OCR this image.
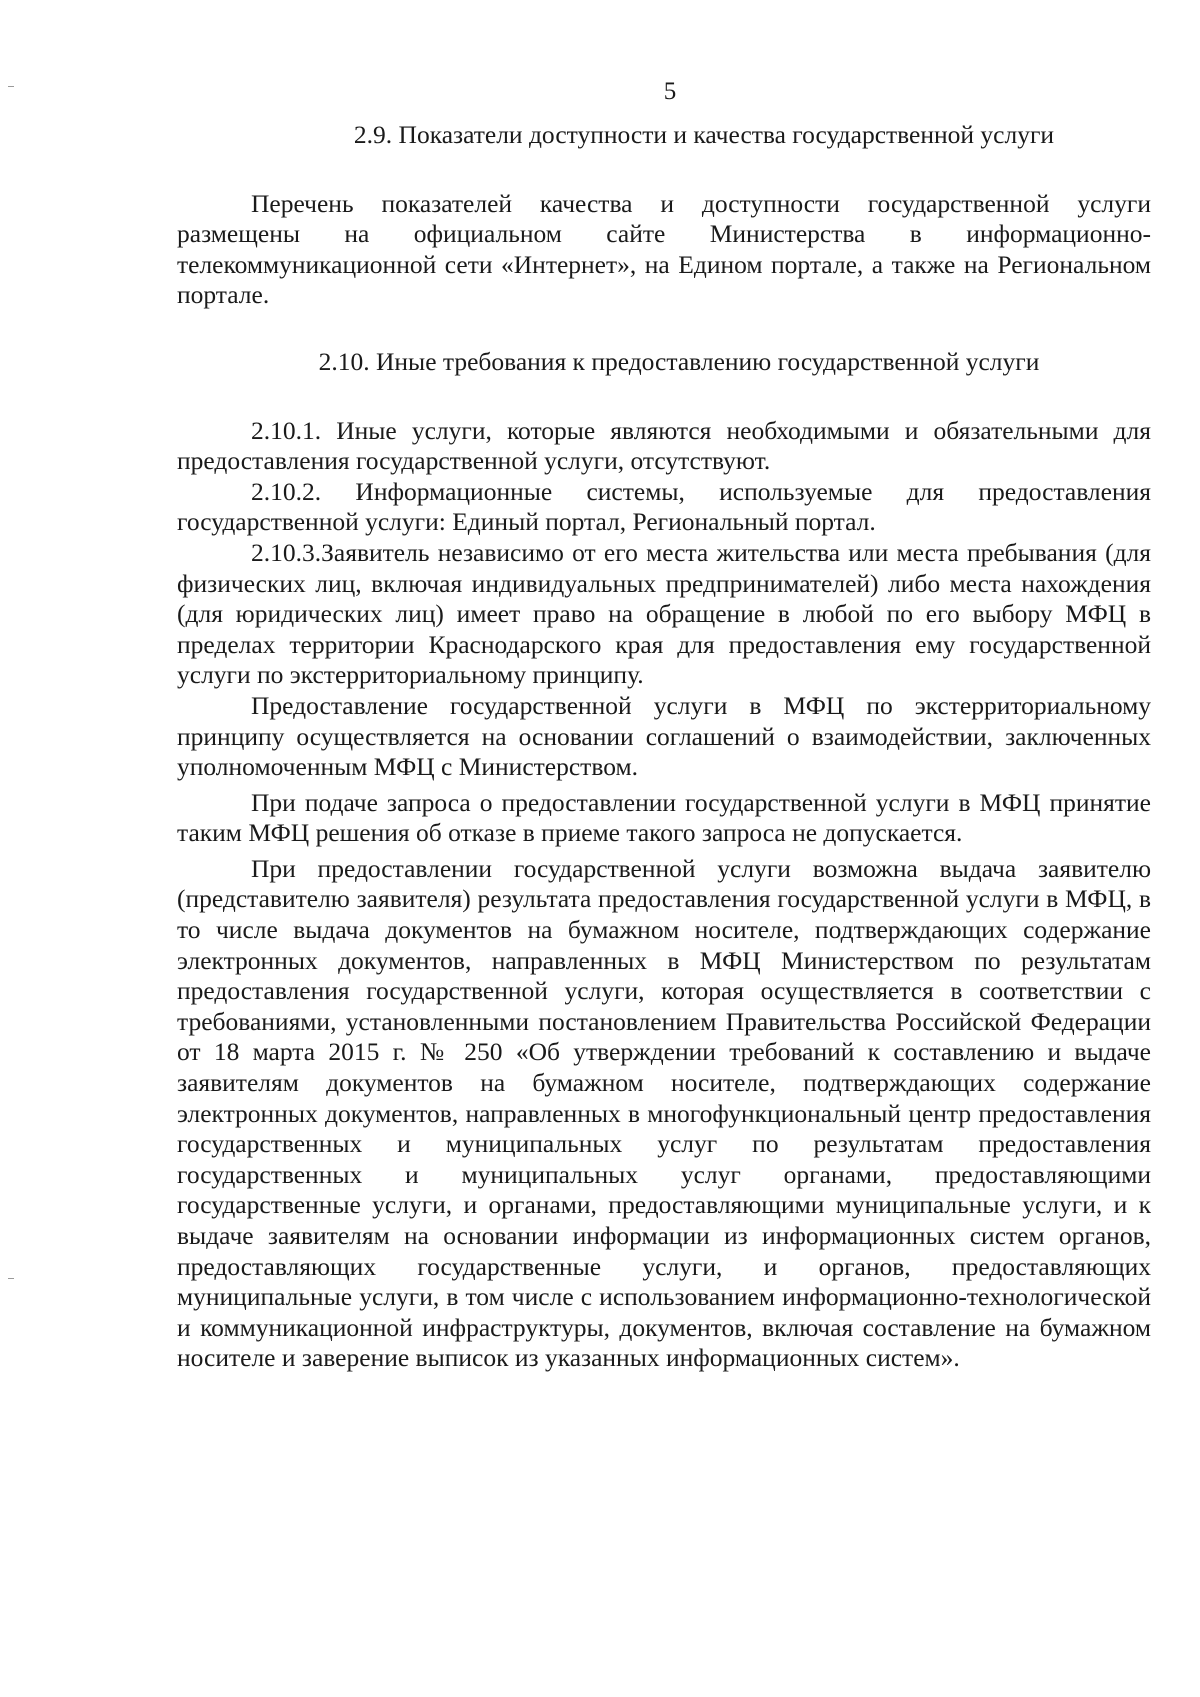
5

2.9. Показатели доступности и качества государственной услуги

Перечень показателей качества и доступности государственной услуги размещены на официальном сайте Министерства в информационно-телекоммуникационной сети «Интернет», на Едином портале, а также на Региональном портале.

2.10. Иные требования к предоставлению государственной услуги

2.10.1. Иные услуги, которые являются необходимыми и обязательными для предоставления государственной услуги, отсутствуют.

2.10.2. Информационные системы, используемые для предоставления государственной услуги: Единый портал, Региональный портал.

2.10.3.Заявитель независимо от его места жительства или места пребывания (для физических лиц, включая индивидуальных предпринимателей) либо места нахождения (для юридических лиц) имеет право на обращение в любой по его выбору МФЦ в пределах территории Краснодарского края для предоставления ему государственной услуги по экстерриториальному принципу.

Предоставление государственной услуги в МФЦ по экстерриториальному принципу осуществляется на основании соглашений о взаимодействии, заключенных уполномоченным МФЦ с Министерством.

При подаче запроса о предоставлении государственной услуги в МФЦ принятие таким МФЦ решения об отказе в приеме такого запроса не допускается.

При предоставлении государственной услуги возможна выдача заявителю (представителю заявителя) результата предоставления государственной услуги в МФЦ, в то числе выдача документов на бумажном носителе, подтверждающих содержание электронных документов, направленных в МФЦ Министерством по результатам предоставления государственной услуги, которая осуществляется в соответствии с требованиями, установленными постановлением Правительства Российской Федерации от 18 марта 2015 г. № 250 «Об утверждении требований к составлению и выдаче заявителям документов на бумажном носителе, подтверждающих содержание электронных документов, направленных в многофункциональный центр предоставления государственных и муниципальных услуг по результатам предоставления государственных и муниципальных услуг органами, предоставляющими государственные услуги, и органами, предоставляющими муниципальные услуги, и к выдаче заявителям на основании информации из информационных систем органов, предоставляющих государственные услуги, и органов, предоставляющих муниципальные услуги, в том числе с использованием информационно-технологической и коммуникационной инфраструктуры, документов, включая составление на бумажном носителе и заверение выписок из указанных информационных систем».
